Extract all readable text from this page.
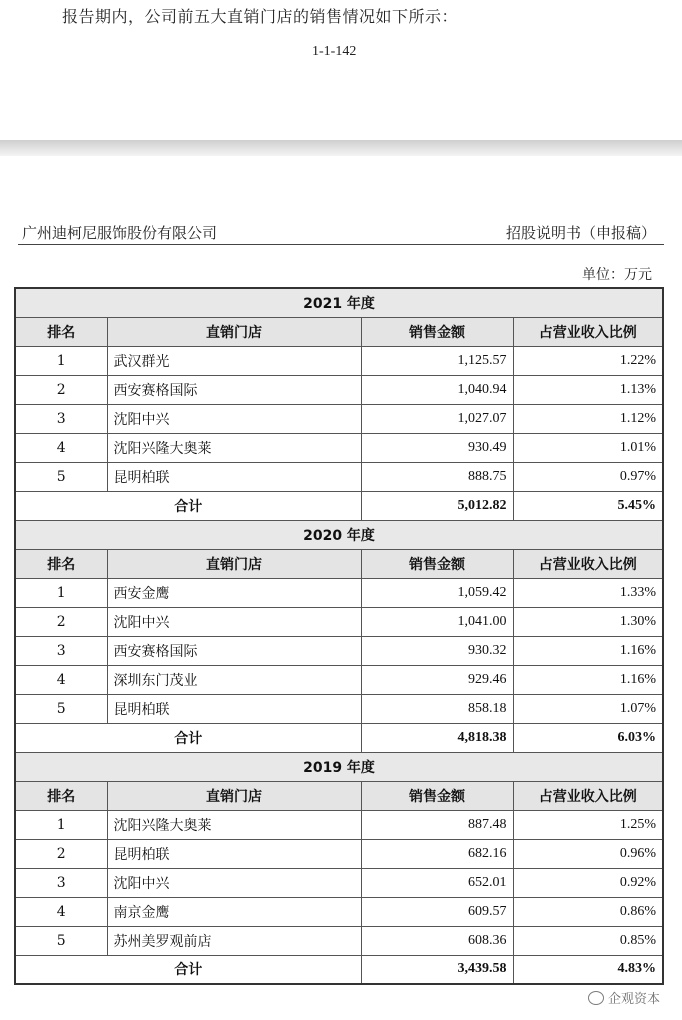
报告期内，公司前五大直销门店的销售情况如下所示：
1-1-142
广州迪柯尼服饰股份有限公司	招股说明书（申报稿）
单位：万元
2021 年度			
排名	直销门店	销售金额	占营业收入比例
1	武汉群光	1,125.57	1.22%
2	西安赛格国际	1,040.94	1.13%
3	沈阳中兴	1,027.07	1.12%
4	沈阳兴隆大奥莱	930.49	1.01%
5	昆明柏联	888.75	0.97%
合计		5,012.82	5.45%
2020 年度			
排名	直销门店	销售金额	占营业收入比例
1	西安金鹰	1,059.42	1.33%
2	沈阳中兴	1,041.00	1.30%
3	西安赛格国际	930.32	1.16%
4	深圳东门茂业	929.46	1.16%
5	昆明柏联	858.18	1.07%
合计		4,818.38	6.03%
2019 年度			
排名	直销门店	销售金额	占营业收入比例
1	沈阳兴隆大奥莱	887.48	1.25%
2	昆明柏联	682.16	0.96%
3	沈阳中兴	652.01	0.92%
4	南京金鹰	609.57	0.86%
5	苏州美罗观前店	608.36	0.85%
合计		3,439.58	4.83%
企观资本
